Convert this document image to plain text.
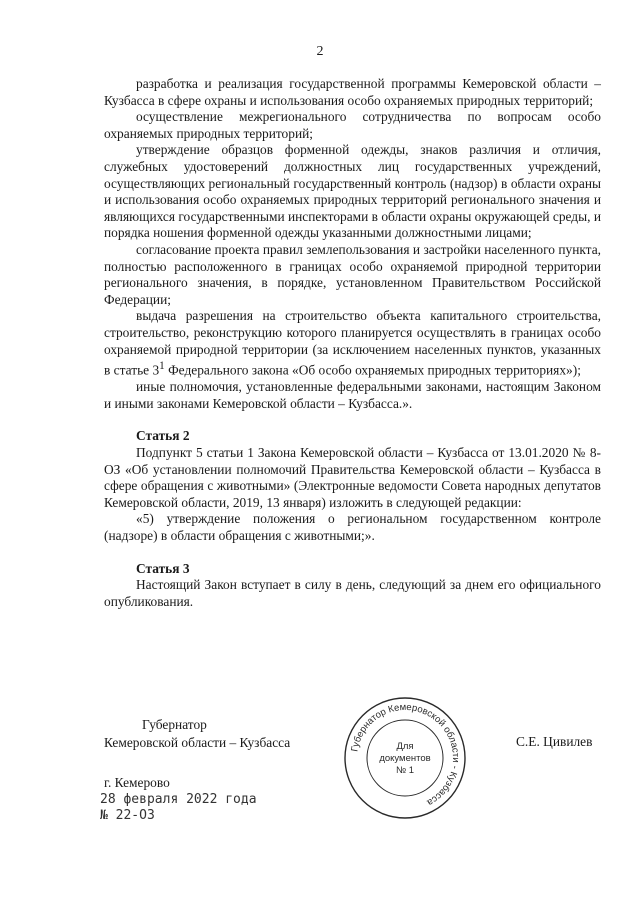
2

разработка и реализация государственной программы Кемеровской области – Кузбасса в сфере охраны и использования особо охраняемых природных территорий;

осуществление межрегионального сотрудничества по вопросам особо охраняемых природных территорий;

утверждение образцов форменной одежды, знаков различия и отличия, служебных удостоверений должностных лиц государственных учреждений, осуществляющих региональный государственный контроль (надзор) в области охраны и использования особо охраняемых природных территорий регионального значения и являющихся государственными инспекторами в области охраны окружающей среды, и порядка ношения форменной одежды указанными должностными лицами;

согласование проекта правил землепользования и застройки населенного пункта, полностью расположенного в границах особо охраняемой природной территории регионального значения, в порядке, установленном Правительством Российской Федерации;

выдача разрешения на строительство объекта капитального строительства, строительство, реконструкцию которого планируется осуществлять в границах особо охраняемой природной территории (за исключением населенных пунктов, указанных в статье $3^1$ Федерального закона «Об особо охраняемых природных территориях»);

иные полномочия, установленные федеральными законами, настоящим Законом и иными законами Кемеровской области – Кузбасса.».

Статья 2

Подпункт 5 статьи 1 Закона Кемеровской области – Кузбасса от 13.01.2020 № 8-ОЗ «Об установлении полномочий Правительства Кемеровской области – Кузбасса в сфере обращения с животными» (Электронные ведомости Совета народных депутатов Кемеровской области, 2019, 13 января) изложить в следующей редакции:

«5) утверждение положения о региональном государственном контроле (надзоре) в области обращения с животными;».

Статья 3

Настоящий Закон вступает в силу в день, следующий за днем его официального опубликования.

Губернатор
Кемеровской области – Кузбасса	Губернатор Кемеровской области - Кузбасса
Для
документов
№ 1
С.Е. Цивилев
г. Кемерово
28 февраля 2022 года
№ 22-ОЗ
